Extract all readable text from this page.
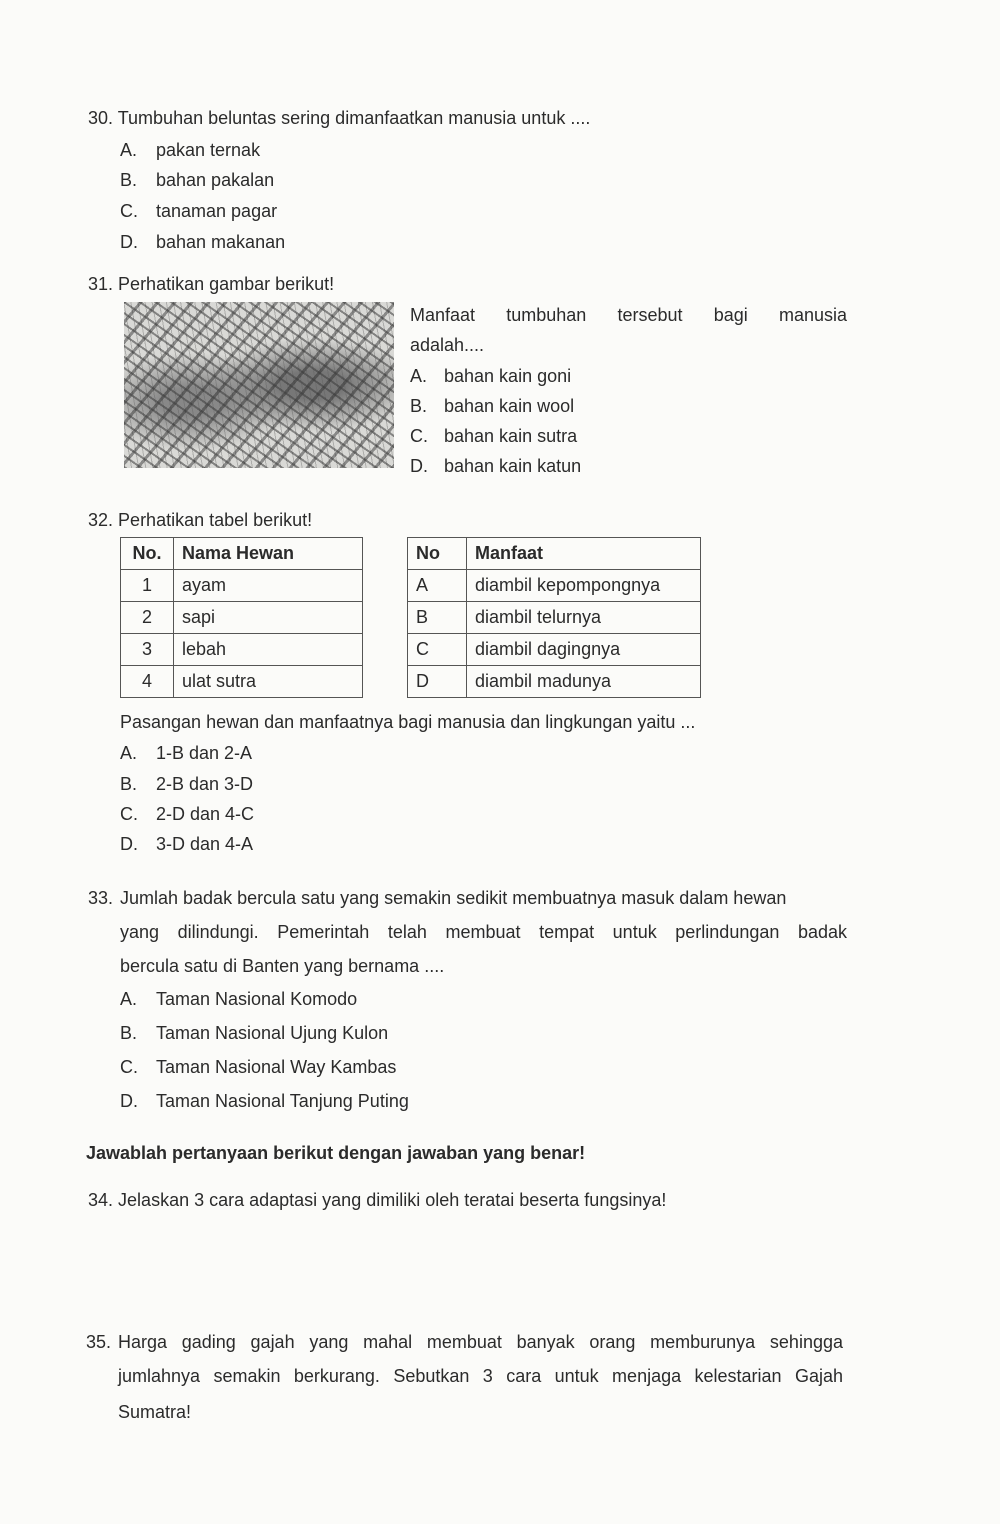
30. Tumbuhan beluntas sering dimanfaatkan manusia untuk ....
A. pakan ternak
B. bahan pakalan
C. tanaman pagar
D. bahan makanan
31. Perhatikan gambar berikut!
Manfaat tumbuhan tersebut bagi manusia
adalah....
A. bahan kain goni
B. bahan kain wool
C. bahan kain sutra
D. bahan kain katun
32. Perhatikan tabel berikut!
No.	Nama Hewan
1	ayam
2	sapi
3	lebah
4	ulat sutra
No	Manfaat
A	diambil kepompongnya
B	diambil telurnya
C	diambil dagingnya
D	diambil madunya
Pasangan hewan dan manfaatnya bagi manusia dan lingkungan yaitu ...
A. 1-B dan 2-A
B. 2-B dan 3-D
C. 2-D dan 4-C
D. 3-D dan 4-A
33. Jumlah badak bercula satu yang semakin sedikit membuatnya masuk dalam hewan
yang dilindungi. Pemerintah telah membuat tempat untuk perlindungan badak
bercula satu di Banten yang bernama ....
A. Taman Nasional Komodo
B. Taman Nasional Ujung Kulon
C. Taman Nasional Way Kambas
D. Taman Nasional Tanjung Puting
Jawablah pertanyaan berikut dengan jawaban yang benar!
34. Jelaskan 3 cara adaptasi yang dimiliki oleh teratai beserta fungsinya!
35. Harga gading gajah yang mahal membuat banyak orang memburunya sehingga
jumlahnya semakin berkurang. Sebutkan 3 cara untuk menjaga kelestarian Gajah
Sumatra!
